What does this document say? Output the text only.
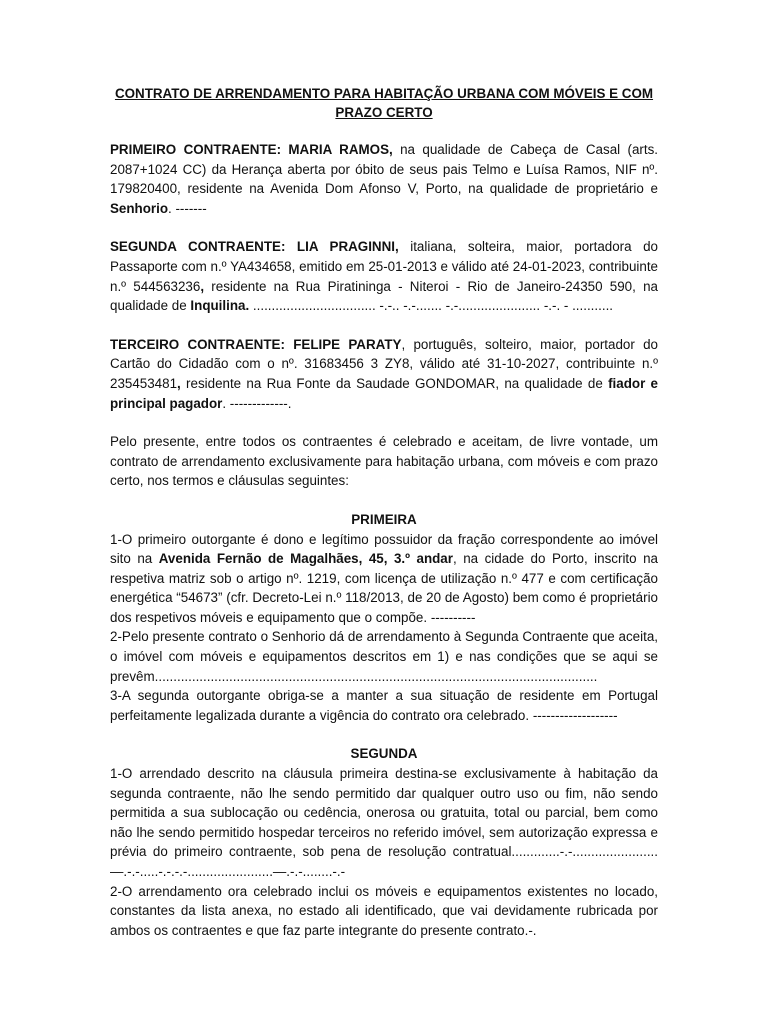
CONTRATO DE ARRENDAMENTO PARA HABITAÇÃO URBANA COM MÓVEIS E COM
PRAZO CERTO

PRIMEIRO CONTRAENTE: MARIA RAMOS, na qualidade de Cabeça de Casal (arts. 2087+1024 CC) da Herança aberta por óbito de seus pais Telmo e Luísa Ramos, NIF nº. 179820400, residente na Avenida Dom Afonso V, Porto, na qualidade de proprietário e Senhorio. -------

SEGUNDA CONTRAENTE: LIA PRAGINNI, italiana, solteira, maior, portadora do Passaporte com n.º YA434658, emitido em 25-01-2013 e válido até 24-01-2023, contribuinte n.º 544563236, residente na Rua Piratininga - Niteroi - Rio de Janeiro-24350 590, na qualidade de Inquilina. ................................. -.-.. -.-....... -.-...................... -.-. - ...........

TERCEIRO CONTRAENTE: FELIPE PARATY, português, solteiro, maior, portador do Cartão do Cidadão com o nº. 31683456 3 ZY8, válido até 31-10-2027, contribuinte n.º 235453481, residente na Rua Fonte da Saudade GONDOMAR, na qualidade de fiador e principal pagador. -------------.

Pelo presente, entre todos os contraentes é celebrado e aceitam, de livre vontade, um contrato de arrendamento exclusivamente para habitação urbana, com móveis e com prazo certo, nos termos e cláusulas seguintes:

PRIMEIRA

1-O primeiro outorgante é dono e legítimo possuidor da fração correspondente ao imóvel sito na Avenida Fernão de Magalhães, 45, 3.º andar, na cidade do Porto, inscrito na respetiva matriz sob o artigo nº. 1219, com licença de utilização n.º 477 e com certificação energética “54673” (cfr. Decreto-Lei n.º 118/2013, de 20 de Agosto) bem como é proprietário dos respetivos móveis e equipamento que o compõe. ----------

2-Pelo presente contrato o Senhorio dá de arrendamento à Segunda Contraente que aceita, o imóvel com móveis e equipamentos descritos em 1) e nas condições que se aqui se prevêm.......................................................................................................................

3-A segunda outorgante obriga-se a manter a sua situação de residente em Portugal perfeitamente legalizada durante a vigência do contrato ora celebrado. -------------------

SEGUNDA

1-O arrendado descrito na cláusula primeira destina-se exclusivamente à habitação da segunda contraente, não lhe sendo permitido dar qualquer outro uso ou fim, não sendo permitida a sua sublocação ou cedência, onerosa ou gratuita, total ou parcial, bem como não lhe sendo permitido hospedar terceiros no referido imóvel, sem autorização expressa e prévia do primeiro contraente, sob pena de resolução contratual.............-.-.......................—.-.-.....-.-.-.-.......................—.-.-........-.-

2-O arrendamento ora celebrado inclui os móveis e equipamentos existentes no locado, constantes da lista anexa, no estado ali identificado, que vai devidamente rubricada por ambos os contraentes e que faz parte integrante do presente contrato.-.
